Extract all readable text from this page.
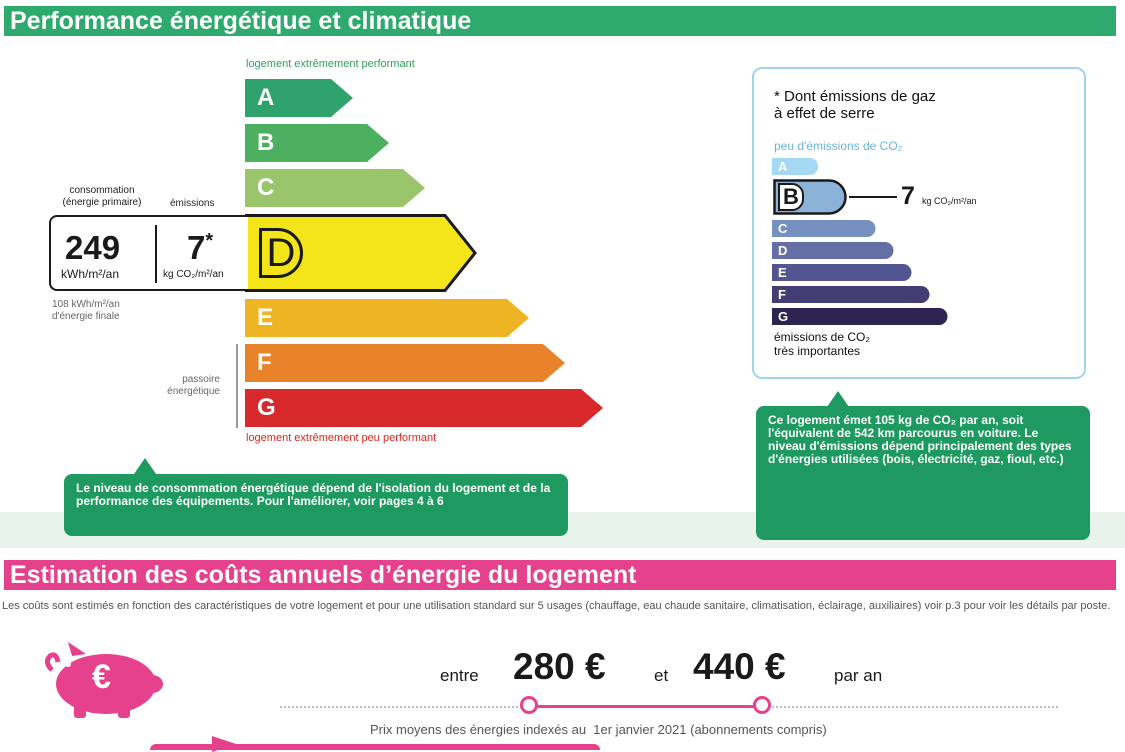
Performance énergétique et climatique
logement extrêmement performant
A
B
C
D
E
F
G
logement extrêmement peu performant
passoire
énergétique
consommation
(énergie primaire)	émissions
249
kWh/m²/an
7*
kg CO₂/m²/an
108 kWh/m²/an
d'énergie finale
Le niveau de consommation énergétique dépend de l'isolation du logement et de la performance des équipements. Pour l'améliorer, voir pages 4 à 6
* Dont émissions de gaz
à effet de serre
peu d'émissions de CO₂
A
B	7 kg CO₂/m²/an
C
D
E
F
G
émissions de CO₂
très importantes
Ce logement émet 105 kg de CO₂ par an, soit l'équivalent de 542 km parcourus en voiture. Le niveau d'émissions dépend principalement des types d'énergies utilisées (bois, électricité, gaz, fioul, etc.)
Estimation des coûts annuels d’énergie du logement
Les coûts sont estimés en fonction des caractéristiques de votre logement et pour une utilisation standard sur 5 usages (chauffage, eau chaude sanitaire, climatisation, éclairage, auxiliaires) voir p.3 pour voir les détails par poste.
€	entre 280 €	et 440 €	par an
Prix moyens des énergies indexés au  1er janvier 2021 (abonnements compris)
